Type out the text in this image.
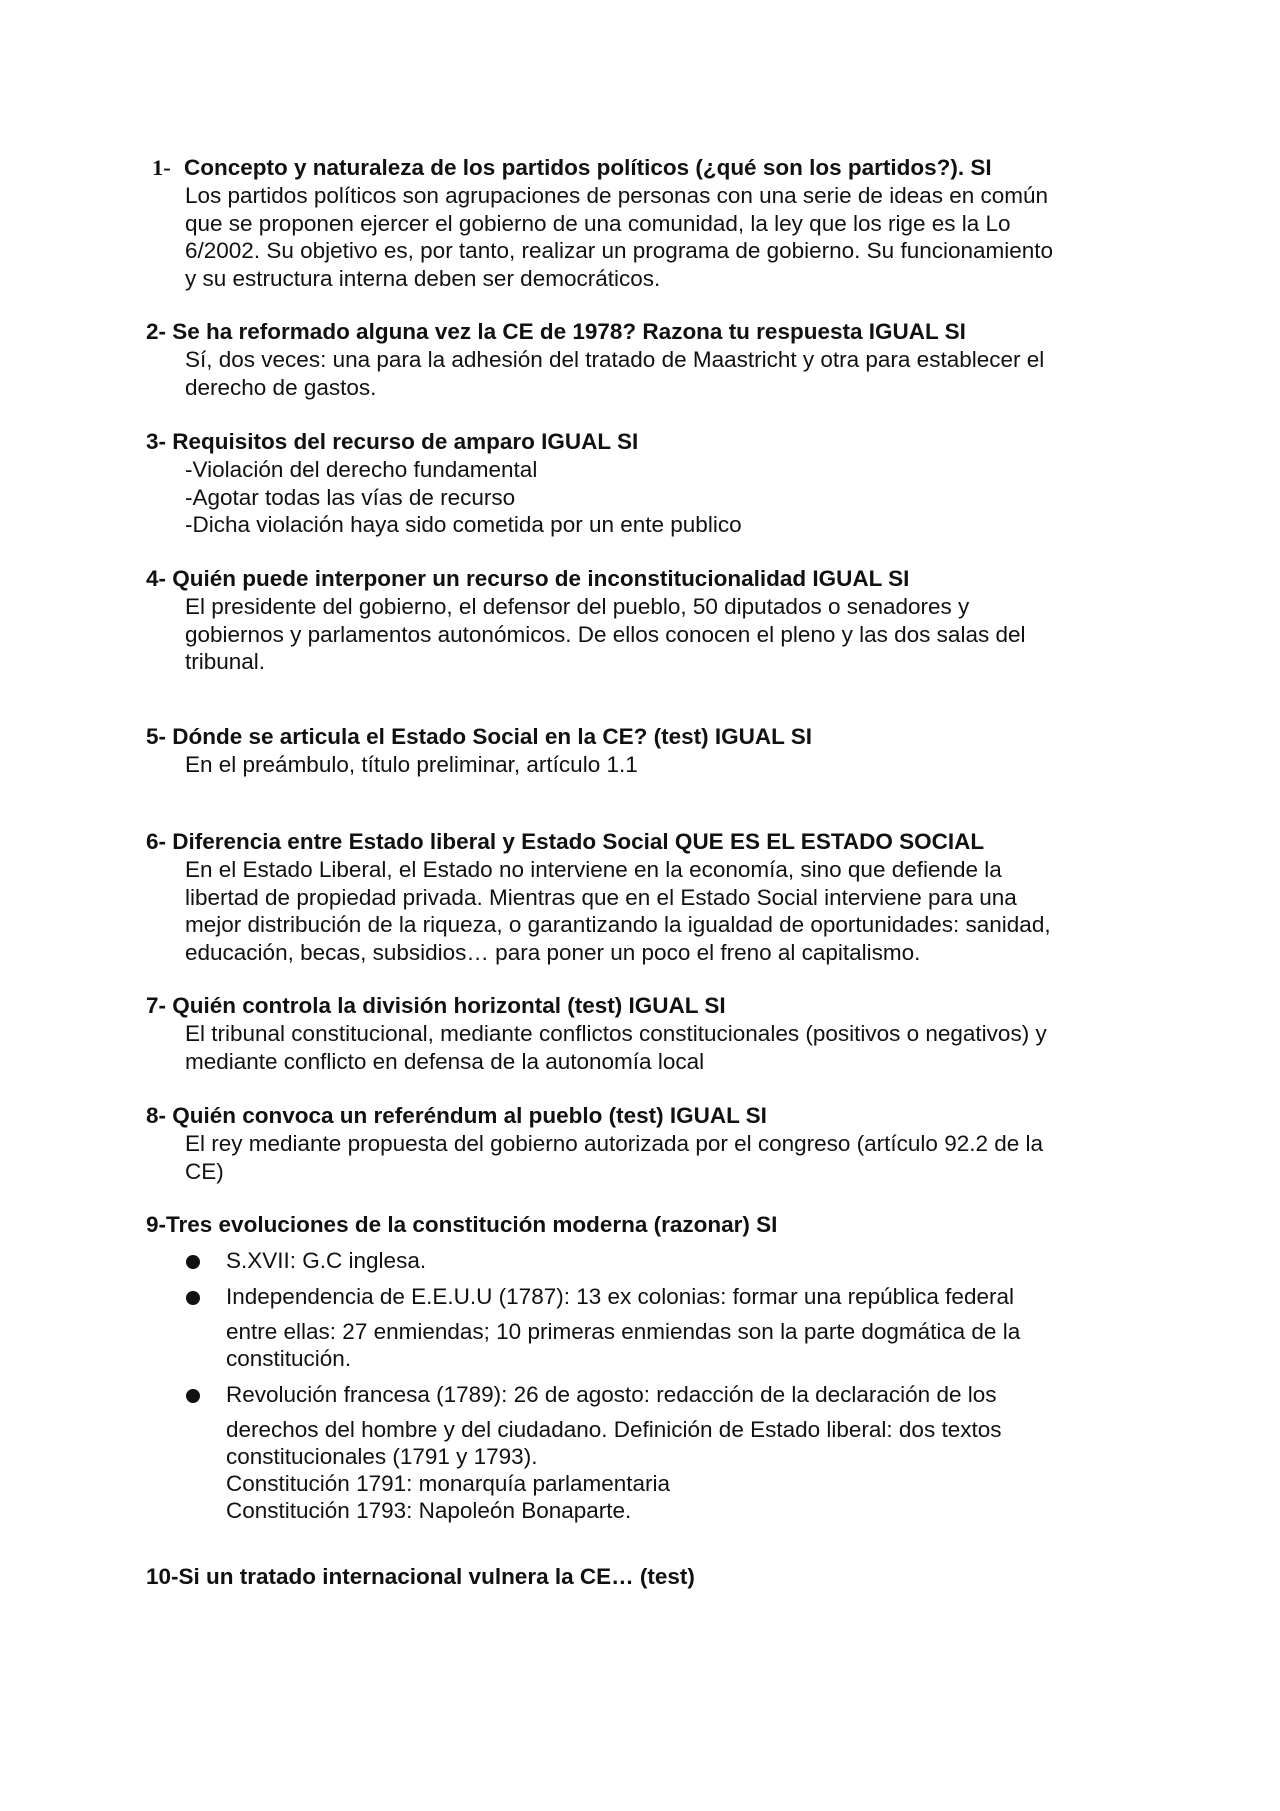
1- Concepto y naturaleza de los partidos políticos (¿qué son los partidos?). SI

Los partidos políticos son agrupaciones de personas con una serie de ideas en común

que se proponen ejercer el gobierno de una comunidad, la ley que los rige es la Lo

6/2002. Su objetivo es, por tanto, realizar un programa de gobierno. Su funcionamiento

y su estructura interna deben ser democráticos.

2- Se ha reformado alguna vez la CE de 1978? Razona tu respuesta IGUAL SI

Sí, dos veces: una para la adhesión del tratado de Maastricht y otra para establecer el

derecho de gastos.

3- Requisitos del recurso de amparo IGUAL SI

-Violación del derecho fundamental

-Agotar todas las vías de recurso

-Dicha violación haya sido cometida por un ente publico

4- Quién puede interponer un recurso de inconstitucionalidad IGUAL SI

El presidente del gobierno, el defensor del pueblo, 50 diputados o senadores y

gobiernos y parlamentos autonómicos. De ellos conocen el pleno y las dos salas del

tribunal.

5- Dónde se articula el Estado Social en la CE? (test) IGUAL SI

En el preámbulo, título preliminar, artículo 1.1

6- Diferencia entre Estado liberal y Estado Social QUE ES EL ESTADO SOCIAL

En el Estado Liberal, el Estado no interviene en la economía, sino que defiende la

libertad de propiedad privada. Mientras que en el Estado Social interviene para una

mejor distribución de la riqueza, o garantizando la igualdad de oportunidades: sanidad,

educación, becas, subsidios… para poner un poco el freno al capitalismo.

7- Quién controla la división horizontal (test) IGUAL SI

El tribunal constitucional, mediante conflictos constitucionales (positivos o negativos) y

mediante conflicto en defensa de la autonomía local

8- Quién convoca un referéndum al pueblo (test) IGUAL SI

El rey mediante propuesta del gobierno autorizada por el congreso (artículo 92.2 de la

CE)

9-Tres evoluciones de la constitución moderna (razonar) SI

S.XVII: G.C inglesa.
Independencia de E.E.U.U (1787): 13 ex colonias: formar una república federal
entre ellas: 27 enmiendas; 10 primeras enmiendas son la parte dogmática de la
constitución.
Revolución francesa (1789): 26 de agosto: redacción de la declaración de los
derechos del hombre y del ciudadano. Definición de Estado liberal: dos textos
constitucionales (1791 y 1793).
Constitución 1791: monarquía parlamentaria
Constitución 1793: Napoleón Bonaparte.

10-Si un tratado internacional vulnera la CE… (test)
